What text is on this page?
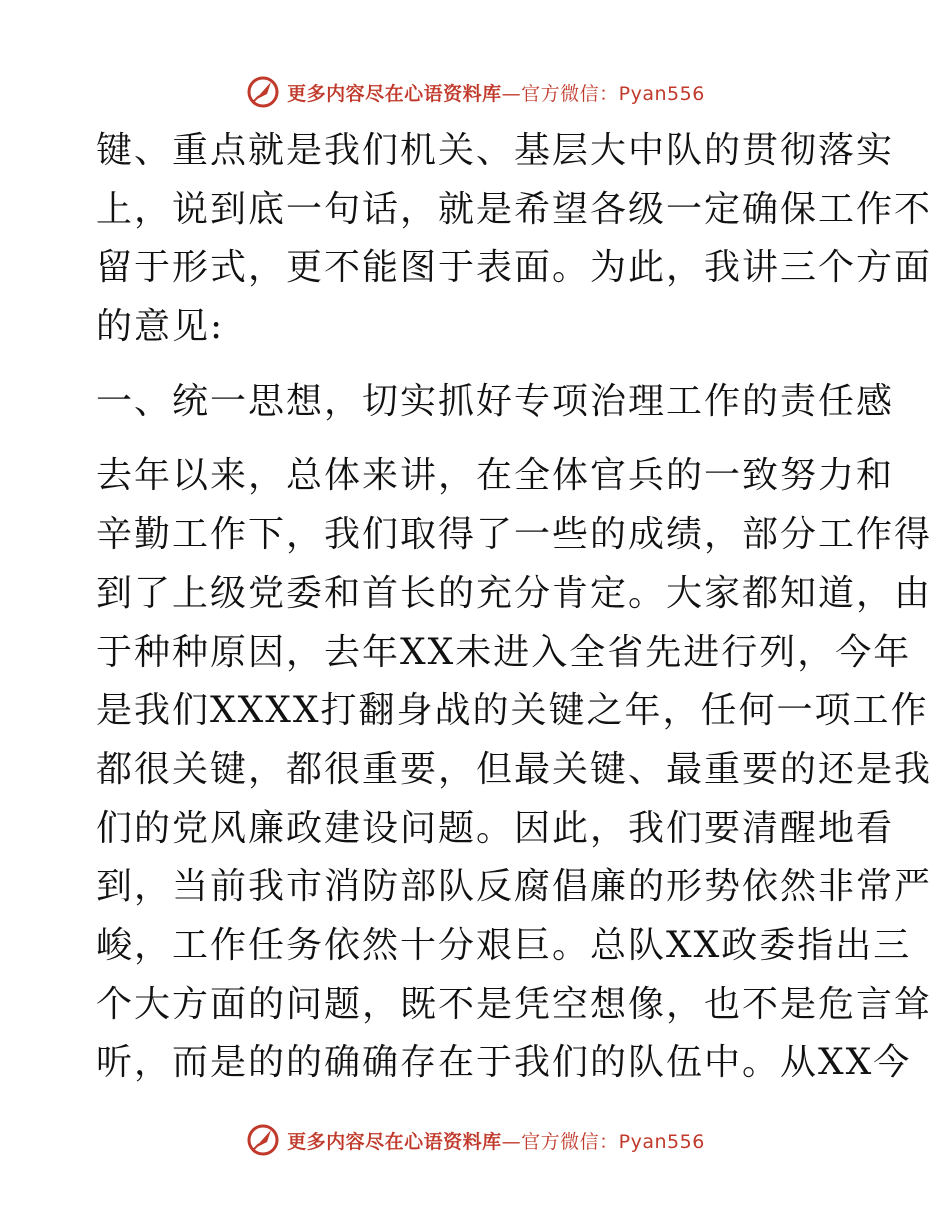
更多内容尽在心语资料库—官方微信：Pyan556
键、重点就是我们机关、基层大中队的贯彻落实
上，说到底一句话，就是希望各级一定确保工作不
留于形式，更不能图于表面。为此，我讲三个方面
的意见:
一、统一思想，切实抓好专项治理工作的责任感
去年以来，总体来讲，在全体官兵的一致努力和
辛勤工作下，我们取得了一些的成绩，部分工作得
到了上级党委和首长的充分肯定。大家都知道，由
于种种原因，去年XX未进入全省先进行列，今年
是我们XXXX打翻身战的关键之年，任何一项工作
都很关键，都很重要，但最关键、最重要的还是我
们的党风廉政建设问题。因此，我们要清醒地看
到，当前我市消防部队反腐倡廉的形势依然非常严
峻，工作任务依然十分艰巨。总队XX政委指出三
个大方面的问题，既不是凭空想像，也不是危言耸
听，而是的的确确存在于我们的队伍中。从XX今
更多内容尽在心语资料库—官方微信：Pyan556
